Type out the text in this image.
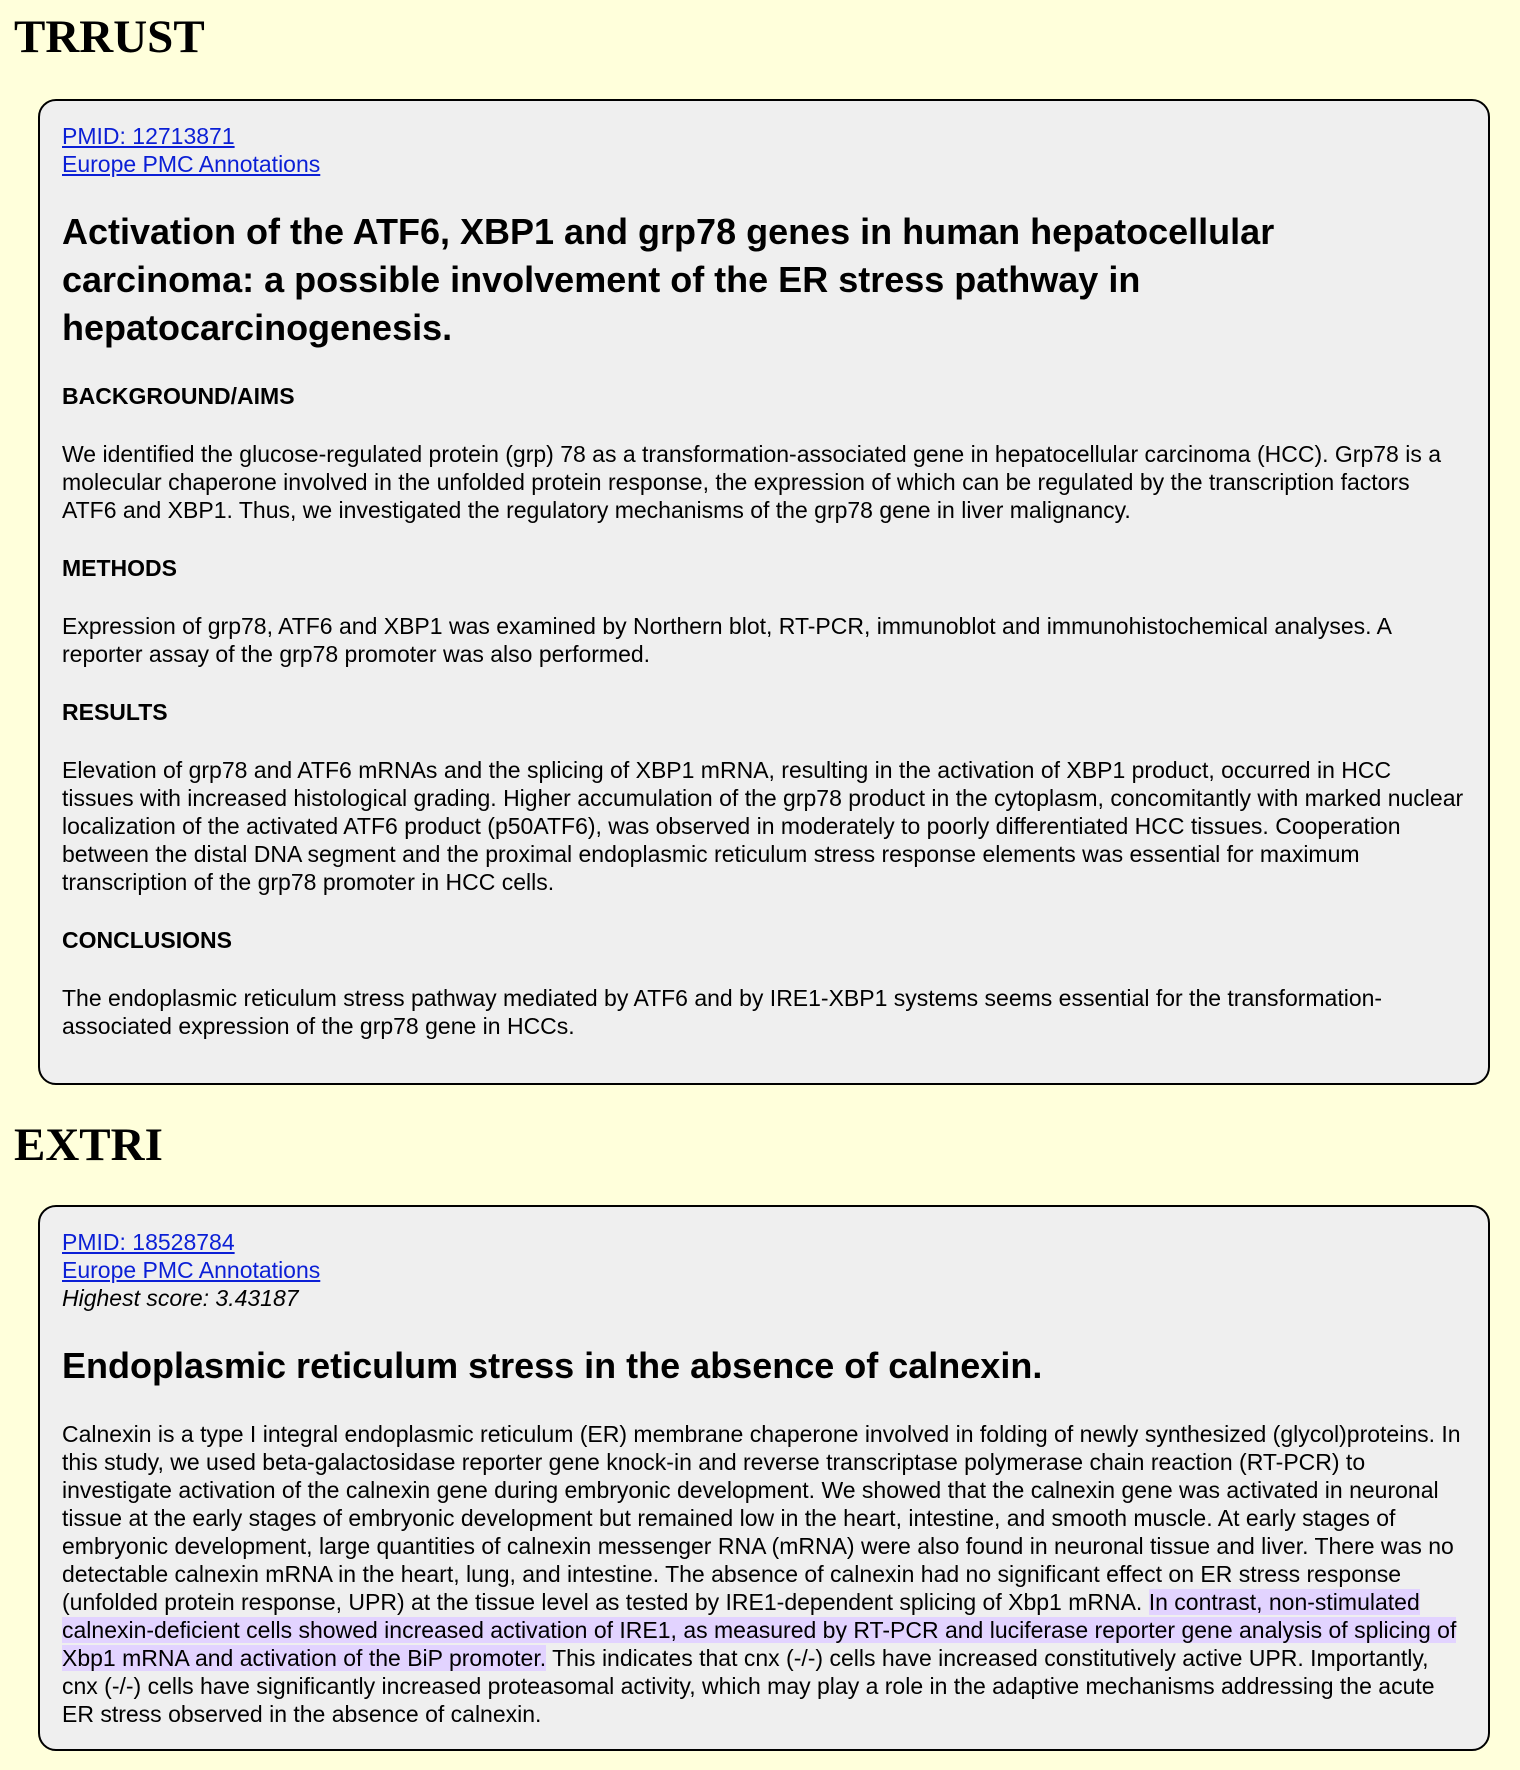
TRRUST
PMID: 12713871
Europe PMC Annotations
Activation of the ATF6, XBP1 and grp78 genes in human hepatocellular carcinoma: a possible involvement of the ER stress pathway in hepatocarcinogenesis.
BACKGROUND/AIMS
We identified the glucose-regulated protein (grp) 78 as a transformation-associated gene in hepatocellular carcinoma (HCC). Grp78 is a molecular chaperone involved in the unfolded protein response, the expression of which can be regulated by the transcription factors ATF6 and XBP1. Thus, we investigated the regulatory mechanisms of the grp78 gene in liver malignancy.
METHODS
Expression of grp78, ATF6 and XBP1 was examined by Northern blot, RT-PCR, immunoblot and immunohistochemical analyses. A reporter assay of the grp78 promoter was also performed.
RESULTS
Elevation of grp78 and ATF6 mRNAs and the splicing of XBP1 mRNA, resulting in the activation of XBP1 product, occurred in HCC tissues with increased histological grading. Higher accumulation of the grp78 product in the cytoplasm, concomitantly with marked nuclear localization of the activated ATF6 product (p50ATF6), was observed in moderately to poorly differentiated HCC tissues. Cooperation between the distal DNA segment and the proximal endoplasmic reticulum stress response elements was essential for maximum transcription of the grp78 promoter in HCC cells.
CONCLUSIONS
The endoplasmic reticulum stress pathway mediated by ATF6 and by IRE1-XBP1 systems seems essential for the transformation-associated expression of the grp78 gene in HCCs.
EXTRI
PMID: 18528784
Europe PMC Annotations
Highest score: 3.43187
Endoplasmic reticulum stress in the absence of calnexin.

Calnexin is a type I integral endoplasmic reticulum (ER) membrane chaperone involved in folding of newly synthesized (glycol)proteins. In this study, we used beta-galactosidase reporter gene knock-in and reverse transcriptase polymerase chain reaction (RT-PCR) to investigate activation of the calnexin gene during embryonic development. We showed that the calnexin gene was activated in neuronal tissue at the early stages of embryonic development but remained low in the heart, intestine, and smooth muscle. At early stages of embryonic development, large quantities of calnexin messenger RNA (mRNA) were also found in neuronal tissue and liver. There was no detectable calnexin mRNA in the heart, lung, and intestine. The absence of calnexin had no significant effect on ER stress response (unfolded protein response, UPR) at the tissue level as tested by IRE1-dependent splicing of Xbp1 mRNA. In contrast, non-stimulated calnexin-deficient cells showed increased activation of IRE1, as measured by RT-PCR and luciferase reporter gene analysis of splicing of Xbp1 mRNA and activation of the BiP promoter. This indicates that cnx (-/-) cells have increased constitutively active UPR. Importantly, cnx (-/-) cells have significantly increased proteasomal activity, which may play a role in the adaptive mechanisms addressing the acute ER stress observed in the absence of calnexin.
